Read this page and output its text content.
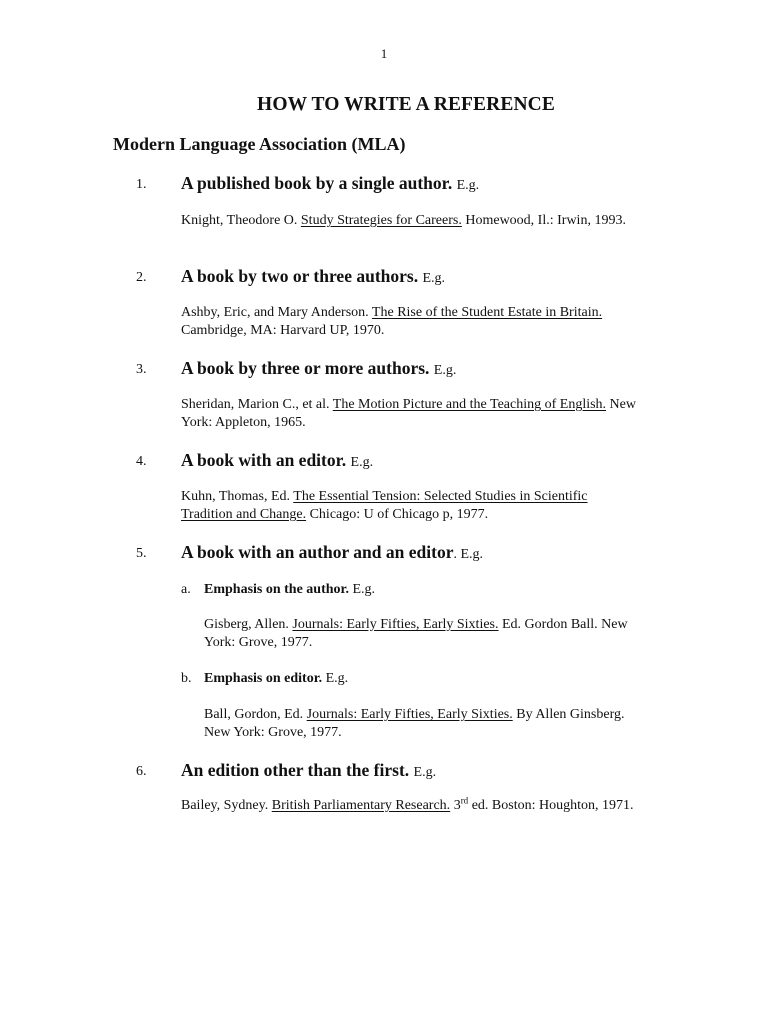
1
HOW TO WRITE A REFERENCE
Modern Language Association (MLA)
1. A published book by a single author. E.g.
Knight, Theodore O. Study Strategies for Careers. Homewood, Il.: Irwin, 1993.
2. A book by two or three authors. E.g.
Ashby, Eric, and Mary Anderson. The Rise of the Student Estate in Britain. Cambridge, MA: Harvard UP, 1970.
3. A book by three or more authors. E.g.
Sheridan, Marion C., et al. The Motion Picture and the Teaching of English. New York: Appleton, 1965.
4. A book with an editor. E.g.
Kuhn, Thomas, Ed. The Essential Tension: Selected Studies in Scientific Tradition and Change. Chicago: U of Chicago p, 1977.
5. A book with an author and an editor. E.g.
a. Emphasis on the author. E.g.
Gisberg, Allen. Journals: Early Fifties, Early Sixties. Ed. Gordon Ball. New York: Grove, 1977.
b. Emphasis on editor. E.g.
Ball, Gordon, Ed. Journals: Early Fifties, Early Sixties. By Allen Ginsberg. New York: Grove, 1977.
6. An edition other than the first. E.g.
Bailey, Sydney. British Parliamentary Research. 3rd ed. Boston: Houghton, 1971.
